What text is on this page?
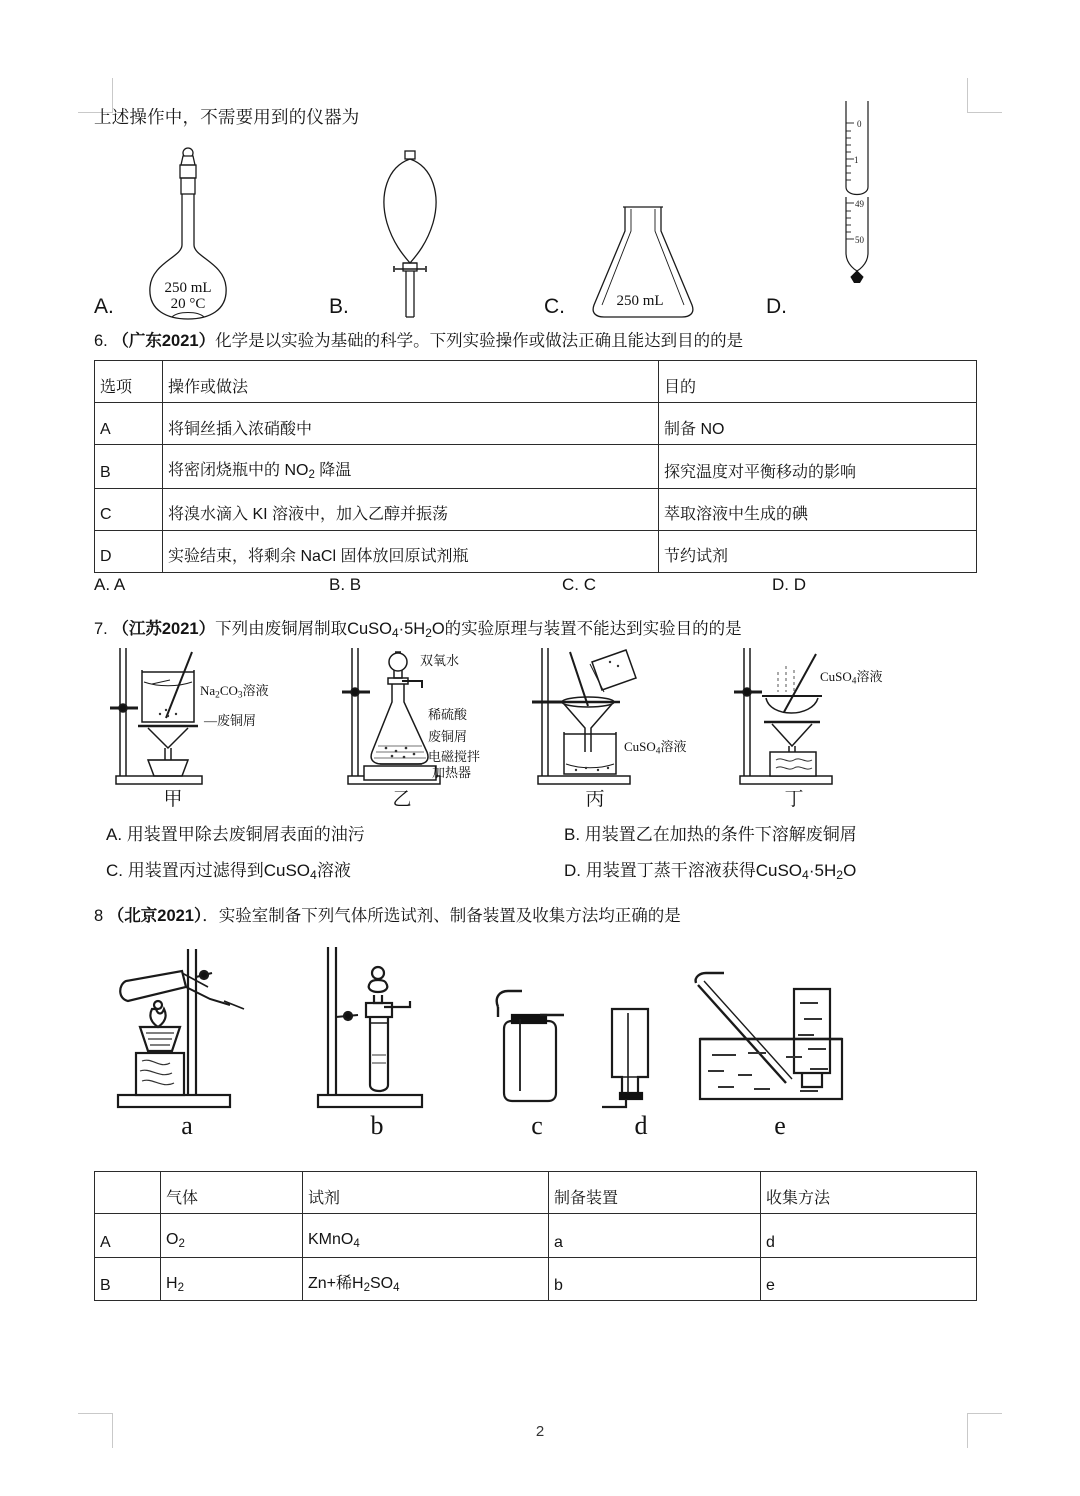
上述操作中，不需要用到的仪器为

A.
250 mL
20 °C	B.	C.	250 mL	D.
0
1
49
50

6. （广东2021）化学是以实验为基础的科学。下列实验操作或做法正确且能达到目的的是

选项	操作或做法	目的
A	将铜丝插入浓硝酸中	制备 NO
B	将密闭烧瓶中的 $NO_2$ 降温	探究温度对平衡移动的影响
C	将溴水滴入 KI 溶液中，加入乙醇并振荡	萃取溶液中生成的碘
D	实验结束，将剩余 NaCl 固体放回原试剂瓶	节约试剂
A. A	B. B	C. C	D. D

7. （江苏2021）下列由废铜屑制取$CuSO_4\cdot 5H_2O$的实验原理与装置不能达到实验目的的是

甲
$Na_2CO_3$溶液
—废铜屑
乙
双氧水
稀硫酸
废铜屑
电磁搅拌
加热器
丙
CuSO$_4$溶液
丁
CuSO$_4$溶液
A. 用装置甲除去废铜屑表面的油污	B. 用装置乙在加热的条件下溶解废铜屑
C. 用装置丙过滤得到CuSO$_4$溶液	D. 用装置丁蒸干溶液获得$CuSO_4\cdot 5H_2O$

8 （北京2021）．实验室制备下列气体所选试剂、制备装置及收集方法均正确的是

a	b	c	d	e
	气体	试剂	制备装置	收集方法
A	$O_2$	KMnO$_4$	a	d
B	$H_2$	Zn+稀$H_2SO_4$	b	e
2
